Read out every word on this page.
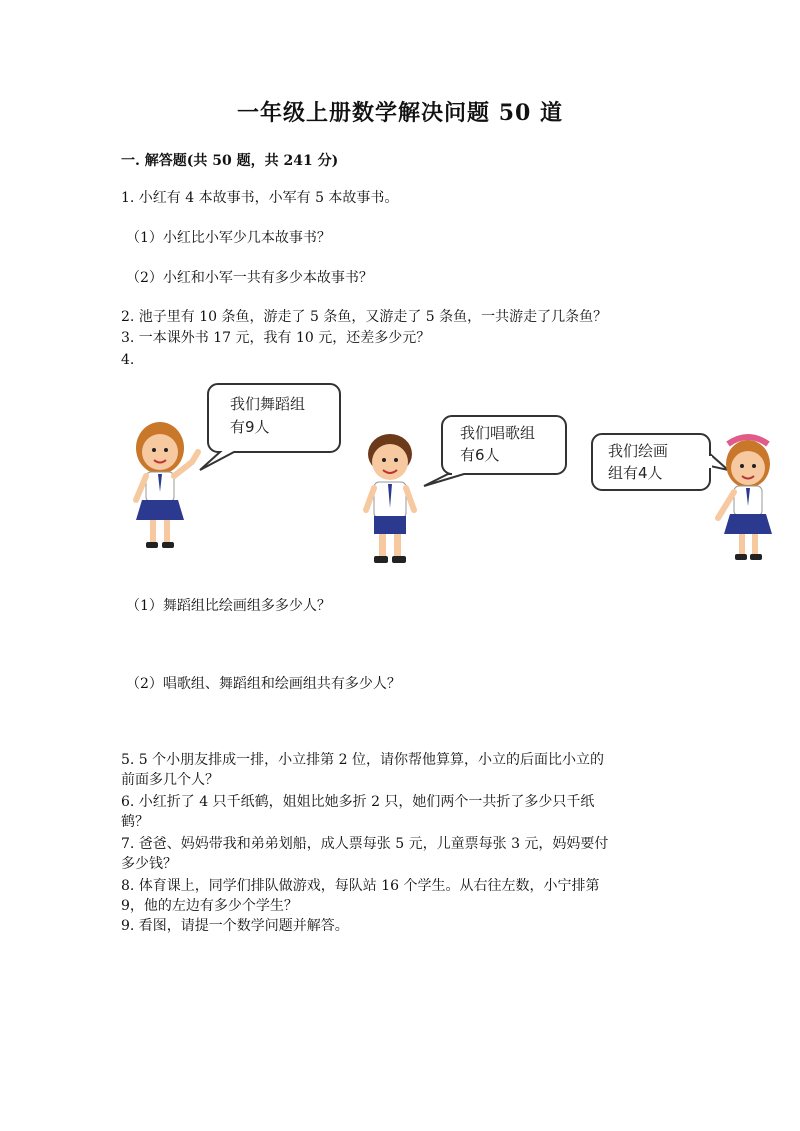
一年级上册数学解决问题 50 道
一. 解答题(共 50 题，共 241 分)
1. 小红有 4 本故事书，小军有 5 本故事书。
（1）小红比小军少几本故事书？
（2）小红和小军一共有多少本故事书？
2. 池子里有 10 条鱼，游走了 5 条鱼，又游走了 5 条鱼，一共游走了几条鱼？
3. 一本课外书 17 元，我有 10 元，还差多少元？
4.
我们舞蹈组
有9人	我们唱歌组
有6人	我们绘画
组有4人
（1）舞蹈组比绘画组多多少人？
（2）唱歌组、舞蹈组和绘画组共有多少人？
5. 5 个小朋友排成一排，小立排第 2 位，请你帮他算算，小立的后面比小立的
前面多几个人？
6. 小红折了 4 只千纸鹤，姐姐比她多折 2 只，她们两个一共折了多少只千纸
鹤？
7. 爸爸、妈妈带我和弟弟划船，成人票每张 5 元，儿童票每张 3 元，妈妈要付
多少钱？
8. 体育课上，同学们排队做游戏，每队站 16 个学生。从右往左数，小宁排第
9，他的左边有多少个学生？
9. 看图，请提一个数学问题并解答。
